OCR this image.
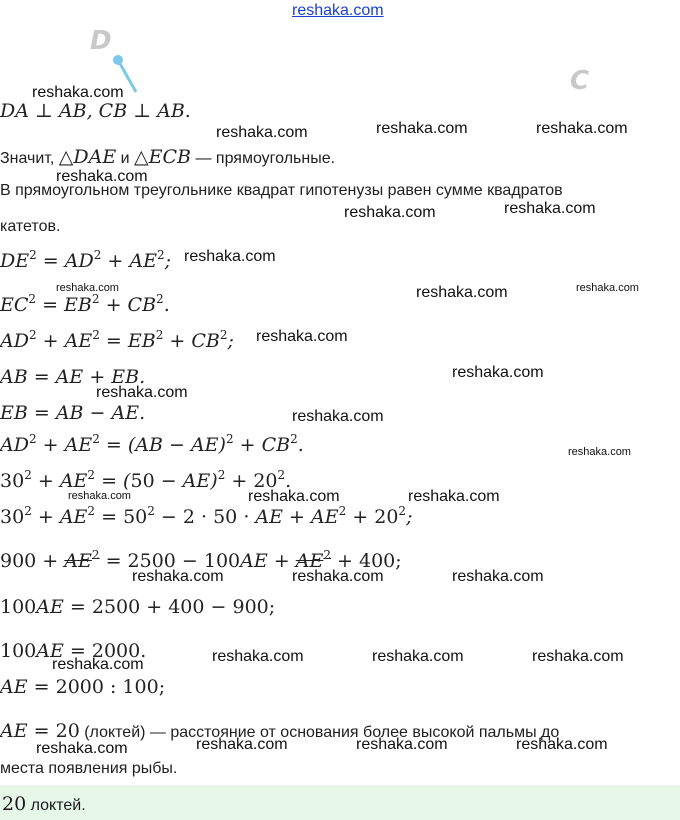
reshaka.com
D
C
DA ⊥ AB, CB ⊥ AB.
Значит, △DAE и △ECB — прямоугольные.
В прямоугольном треугольнике квадрат гипотенузы равен сумме квадратов
катетов.
$DE^2 = AD^2 + AE^2$;
$EC^2 = EB^2 + CB^2$.
$AD^2 + AE^2 = EB^2 + CB^2$;
AB = AE + EB.
EB = AB − AE.
$AD^2 + AE^2 = (AB - AE)^2 + CB^2$.
$30^2 + AE^2 = (50 - AE)^2 + 20^2$.
$30^2 + AE^2 = 50^2 - 2 \cdot 50$ · AE + $AE^2 + 20^2$;
$900 + AE^2 = 2500 - 100AE + AE^2 + 400$;
100AE = 2500 + 400 − 900;
100AE = 2000.
AE = 2000 : 100;
AE = 20 (локтей) — расстояние от основания более высокой пальмы до
места появления рыбы.
20 локтей.
reshaka.com
reshaka.com	reshaka.com	reshaka.com
reshaka.com
reshaka.com	reshaka.com
reshaka.com
reshaka.com	reshaka.com	reshaka.com
reshaka.com
reshaka.com
reshaka.com
reshaka.com
reshaka.com
reshaka.com	reshaka.com	reshaka.com
reshaka.com	reshaka.com	reshaka.com
reshaka.com	reshaka.com	reshaka.com
reshaka.com
reshaka.com	reshaka.com	reshaka.com	reshaka.com
